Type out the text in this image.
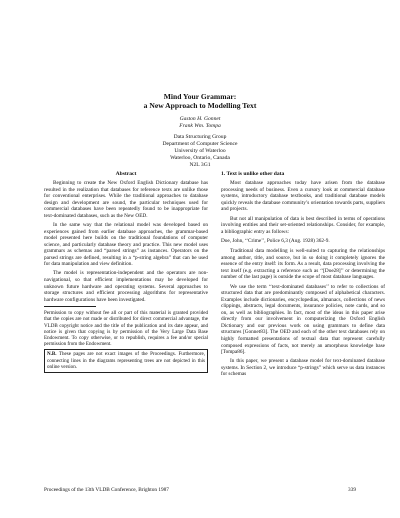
Mind Your Grammar:
a New Approach to Modelling Text

Gaston H. Gonnet

Frank Wm. Tompa

Data Structuring Group

Department of Computer Science

University of Waterloo

Waterloo, Ontario, Canada

N2L 3G1

Abstract

Beginning to create the New Oxford English Dictionary database has resulted in the realization that databases for reference texts are unlike those for conventional enterprises. While the traditional approaches to database design and development are sound, the particular techniques used for commercial databases have been repeatedly found to be inappropriate for text-dominated databases, such as the New OED.

In the same way that the relational model was developed based on experiences gained from earlier database approaches, the grammar-based model presented here builds on the traditional foundations of computer science, and particularly database theory and practice. This new model uses grammars as schemas and “parsed strings” as instances. Operators on the parsed strings are defined, resulting in a “p-string algebra” that can be used for data manipulation and view definition.

The model is representation-independent and the operators are non-navigational, so that efficient implementations may be developed for unknown future hardware and operating systems. Several approaches to storage structures and efficient processing algorithms for representative hardware configurations have been investigated.

Permission to copy without fee all or part of this material is granted provided that the copies are not made or distributed for direct commercial advantage, the VLDB copyright notice and the title of the publication and its date appear, and notice is given that copying is by permission of the Very Large Data Base Endowment. To copy otherwise, or to republish, requires a fee and/or special permission from the Endowment.
N.B. These pages are not exact images of the Proceedings. Furthermore, connecting lines in the diagrams representing trees are not depicted in this online version.

1. Text is unlike other data

Most database approaches today have arisen from the database processing needs of business. Even a cursory look at commercial database systems, introductory database textbooks, and traditional database models quickly reveals the database community’s orientation towards parts, suppliers and projects.

But not all manipulation of data is best described in terms of operations involving entities and their set-oriented relationships. Consider, for example, a bibliographic entry as follows:

Doe, John, ‘‘Crime’’, Police 6,3 (Aug. 1928) 362-9.

Traditional data modelling is well-suited to capturing the relationships among author, title, and source, but in so doing it completely ignores the essence of the entry itself: its form. As a result, data processing involving the text itself (e.g. extracting a reference such as ‘‘[Doe28]’’ or determining the number of the last page) is outside the scope of most database languages.

We use the term ‘‘text-dominated databases’’ to refer to collections of structured data that are predominantly composed of alphabetical characters. Examples include dictionaries, encyclopedias, almanacs, collections of news clippings, abstracts, legal documents, insurance policies, note cards, and so on, as well as bibliographies. In fact, most of the ideas in this paper arise directly from our involvement in computerizing the Oxford English Dictionary and our previous work on using grammars to define data structures [Gonnet83]. The OED and each of the other text databases rely on highly formatted presentations of textual data that represent carefully composed expressions of facts, not merely an amorphous knowledge base [Tompa86].

In this paper, we present a database model for text-dominated database systems. In Section 2, we introduce “p-strings” which serve us data instances for schemas

Proceedings of the 13th VLDB Conference, Brighton 1987	339
